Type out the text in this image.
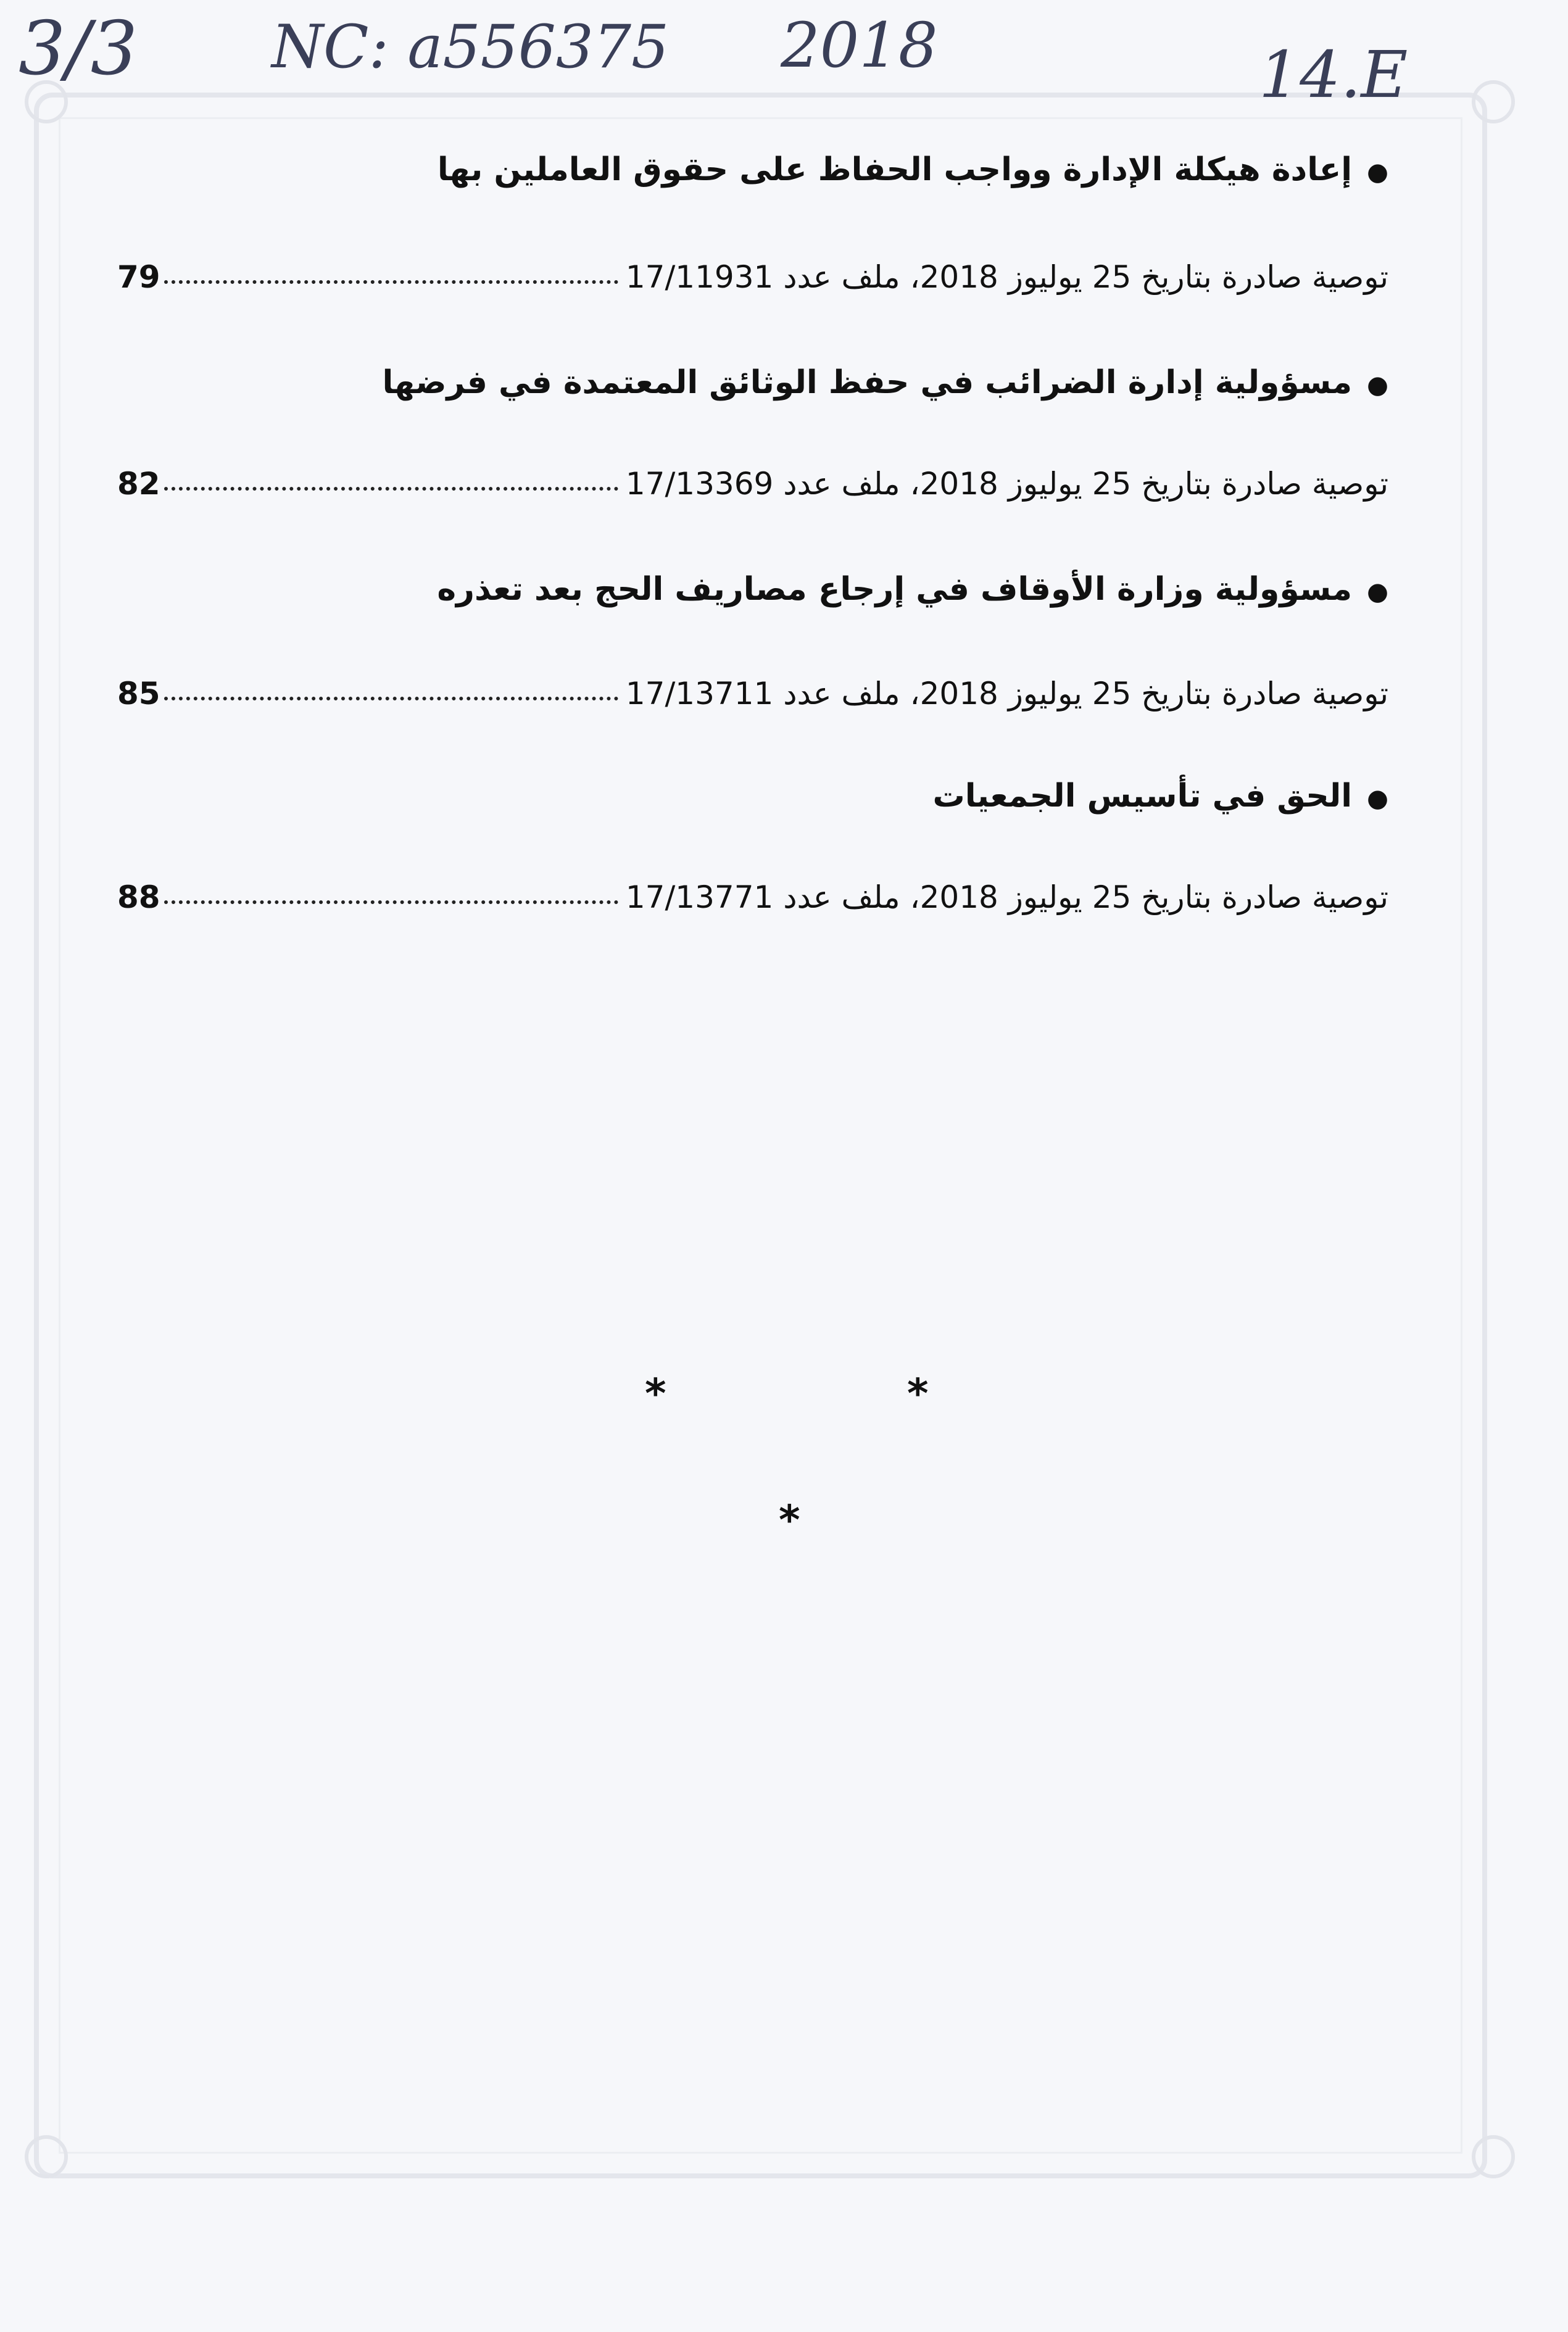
3/3 NC: a556375 2018	14.E
●إعادة هيكلة الإدارة وواجب الحفاظ على حقوق العاملين بها
توصية صادرة بتاريخ 25 يوليوز 2018، ملف عدد 17/11931
79
●مسؤولية إدارة الضرائب في حفظ الوثائق المعتمدة في فرضها
توصية صادرة بتاريخ 25 يوليوز 2018، ملف عدد 17/13369
82
●مسؤولية وزارة الأوقاف في إرجاع مصاريف الحج بعد تعذره
توصية صادرة بتاريخ 25 يوليوز 2018، ملف عدد 17/13711
85
●الحق في تأسيس الجمعيات
توصية صادرة بتاريخ 25 يوليوز 2018، ملف عدد 17/13771
88
*	*
*
